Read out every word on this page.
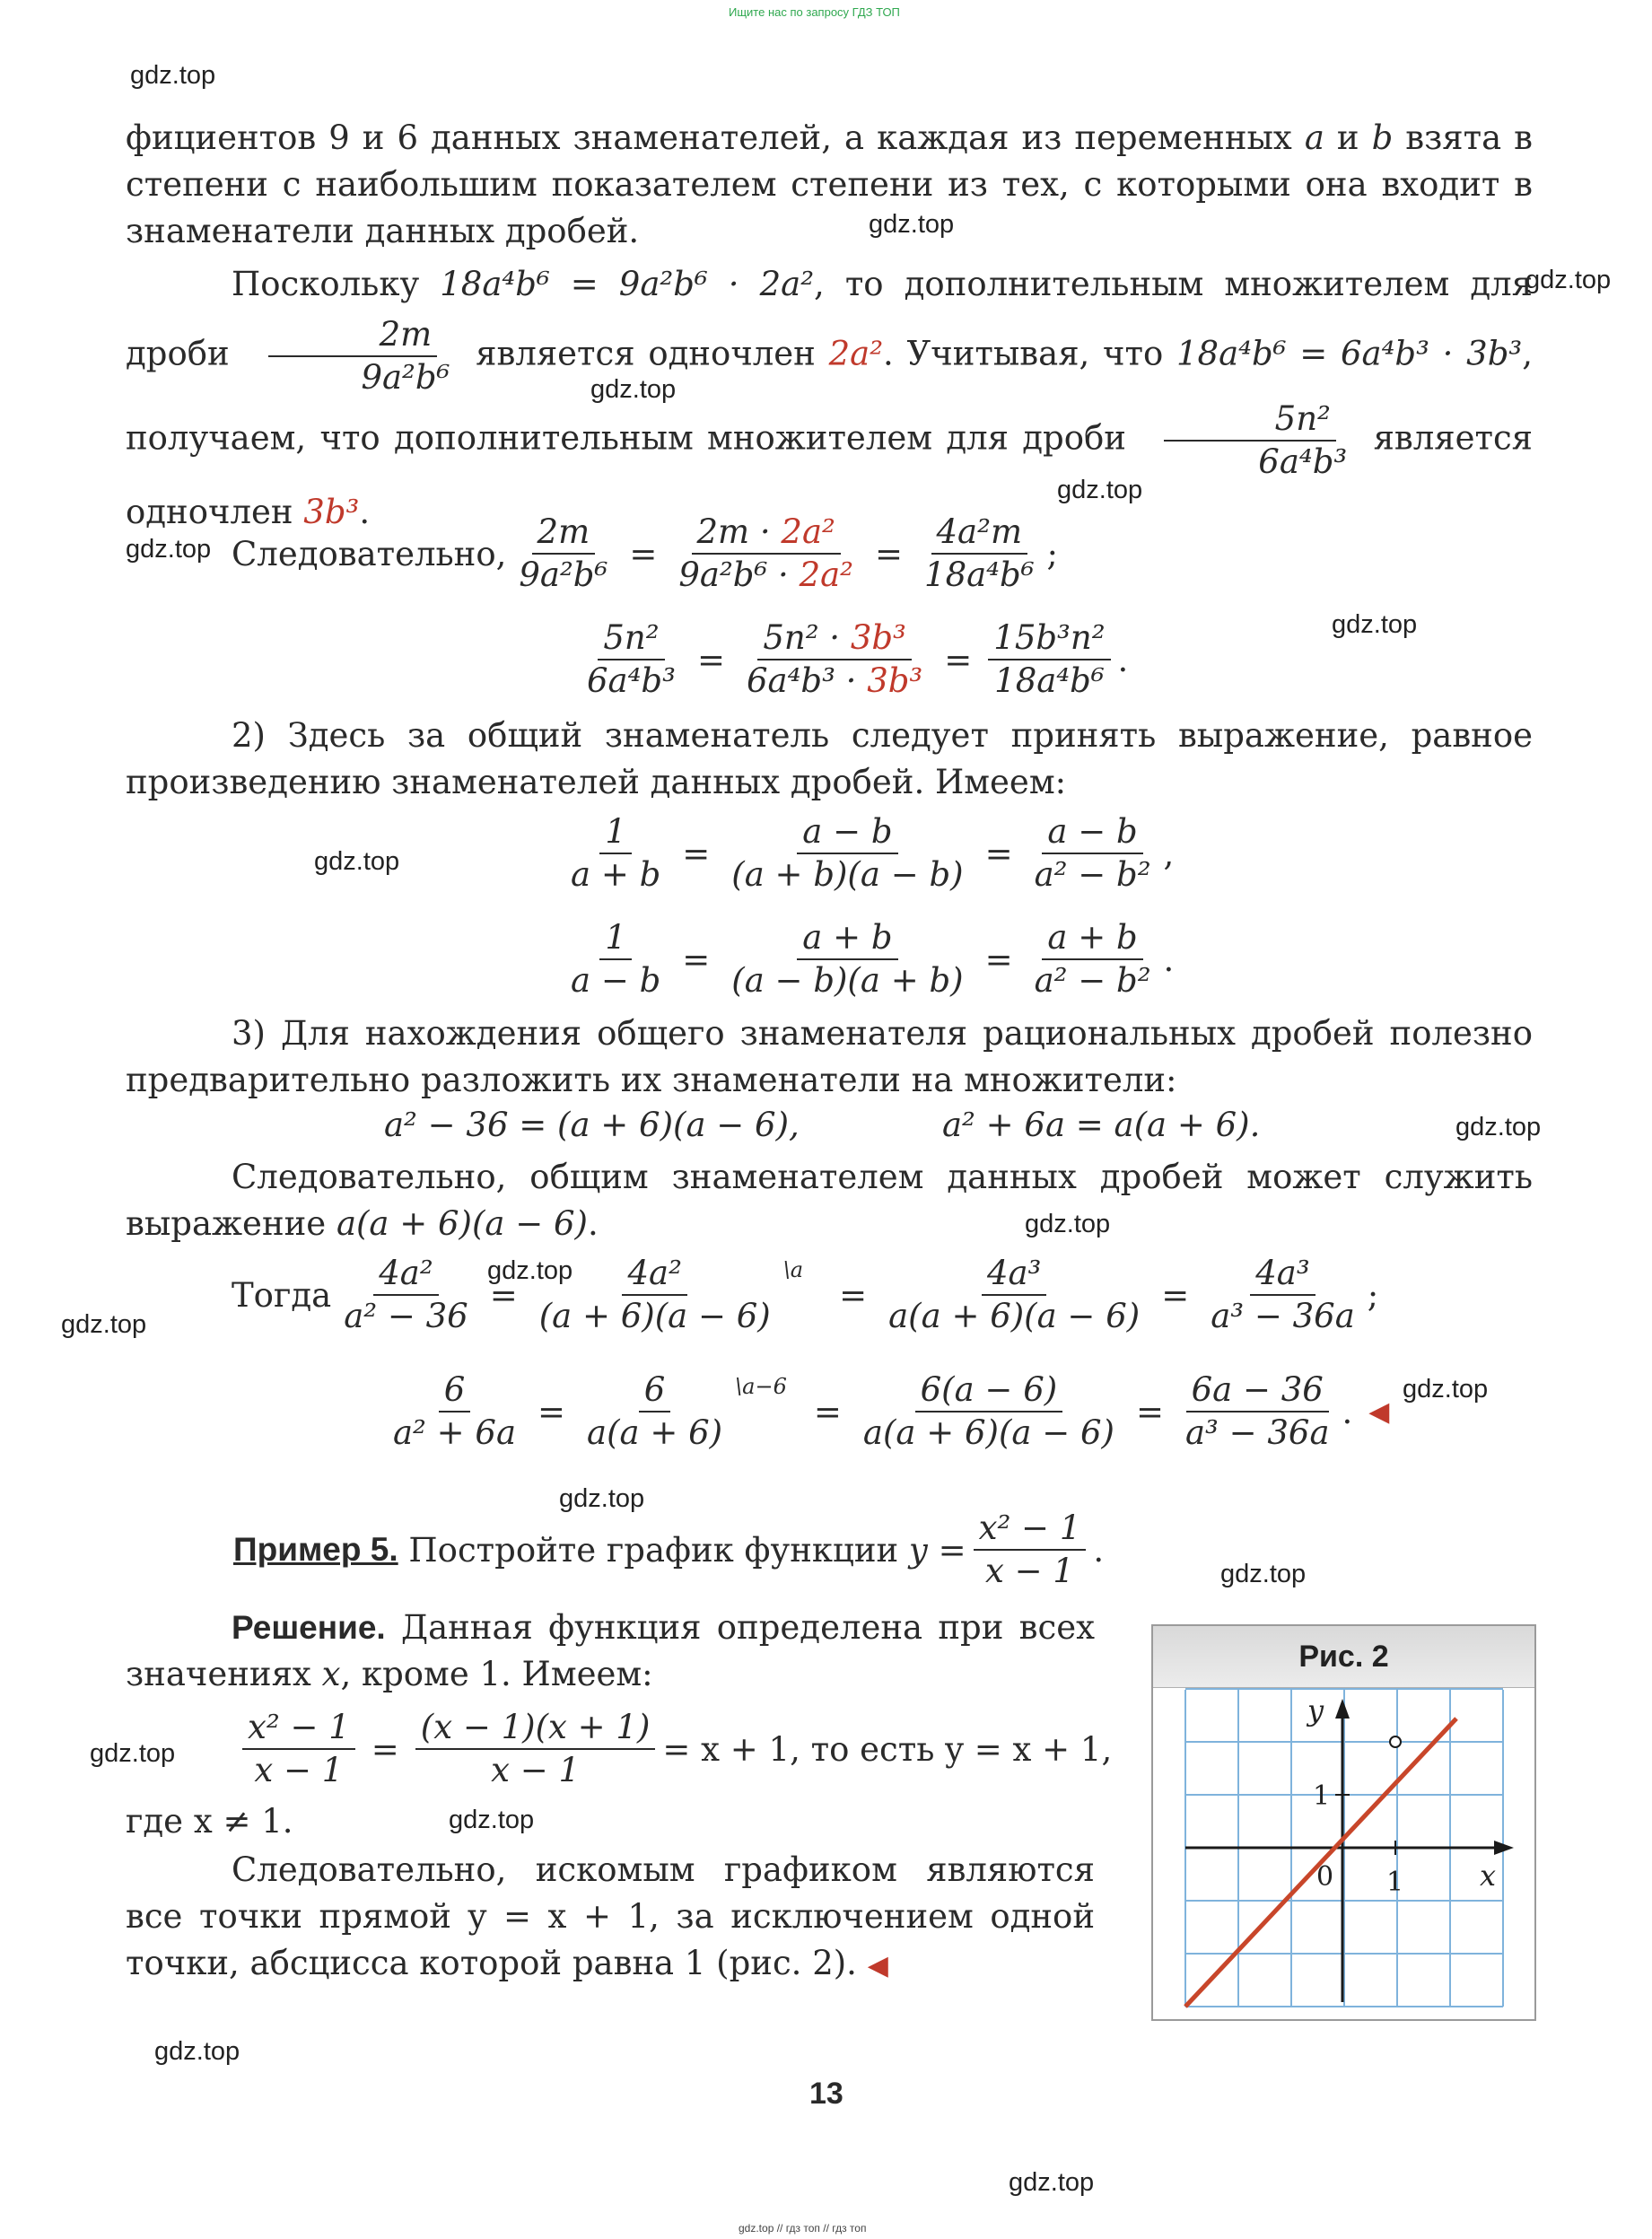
Ищите нас по запросу ГДЗ ТОП
gdz.top
gdz.top
gdz.top
gdz.top
gdz.top
gdz.top
gdz.top
gdz.top
gdz.top
gdz.top
gdz.top
gdz.top
gdz.top
gdz.top
gdz.top
gdz.top
gdz.top
gdz.top
gdz.top
фициентов 9 и 6 данных знаменателей, а каждая из переменных a и b взята в степени с наибольшим показателем степени из тех, с которыми она входит в знаменатели данных дробей.
Поскольку 18a⁴b⁶ = 9a²b⁶ · 2a², то дополнительным множителем для дроби $\frac{2m}{\text{9a²b⁶}}$ является одночлен 2a². Учитывая, что 18a⁴b⁶ = 6a⁴b³ · 3b³, получаем, что дополнительным множителем для дроби $\frac{\text{5n²}}{\text{6a⁴b³}}$ является одночлен 3b³.
Следовательно, $\frac{2m}{\text{9a²b⁶}} = \frac{\text{2m · 2a²}}{\text{9a²b⁶ · 2a²}} = \frac{\text{4a²m}}{\text{18a⁴b⁶}}$ ;
$\frac{\text{5n²}}{\text{6a⁴b³}} = \frac{\text{5n² · 3b³}}{\text{6a⁴b³ · 3b³}} = \frac{\text{15b³n²}}{\text{18a⁴b⁶}}$ .
2) Здесь за общий знаменатель следует принять выражение, равное произведению знаменателей данных дробей. Имеем:
$\frac{1}{a + b} = \frac{a - b}{(a + b)(a - b)} = \frac{a - b}{\text{a² − b²}}$ ,
$\frac{1}{a - b} = \frac{a + b}{(a - b)(a + b)} = \frac{a + b}{\text{a² − b²}}$ .
3) Для нахождения общего знаменателя рациональных дробей полезно предварительно разложить их знаменатели на множители:
a² − 36 = (a + 6)(a − 6),	a² + 6a = a(a + 6).
Следовательно, общим знаменателем данных дробей может служить выражение a(a + 6)(a − 6).
Тогда $\frac{\text{4a²}}{\text{a² − 36}} = \frac{\text{4a²}}{(a + 6)(a - 6)}$ \a
= $\frac{\text{4a³}}{a(a + 6)(a - 6)} = \frac{\text{4a³}}{\text{a³ − 36a}}$ ;
$\frac{6}{\text{a² + 6a}} = \frac{6}{a(a + 6)}$ \a−6
= $\frac{6(a - 6)}{a(a + 6)(a - 6)} = \frac{6a - 36}{\text{a³ − 36a}}$ . ◀
Пример 5. Постройте график функции $y = \frac{\text{x² − 1}}{x - 1}$ .
Решение. Данная функция определена при всех значениях x, кроме 1. Имеем:
$\frac{\text{x² − 1}}{x - 1} = \frac{(x - 1)(x + 1)}{x - 1} = x + 1$, то есть y = x + 1,
где x ≠ 1.
Следовательно, искомым графиком являются все точки прямой y = x + 1, за исключением одной точки, абсцисса которой равна 1 (рис. 2). ◀
Рис. 2
y
x
0 1
1
13
gdz.top // гдз топ // гдз топ
